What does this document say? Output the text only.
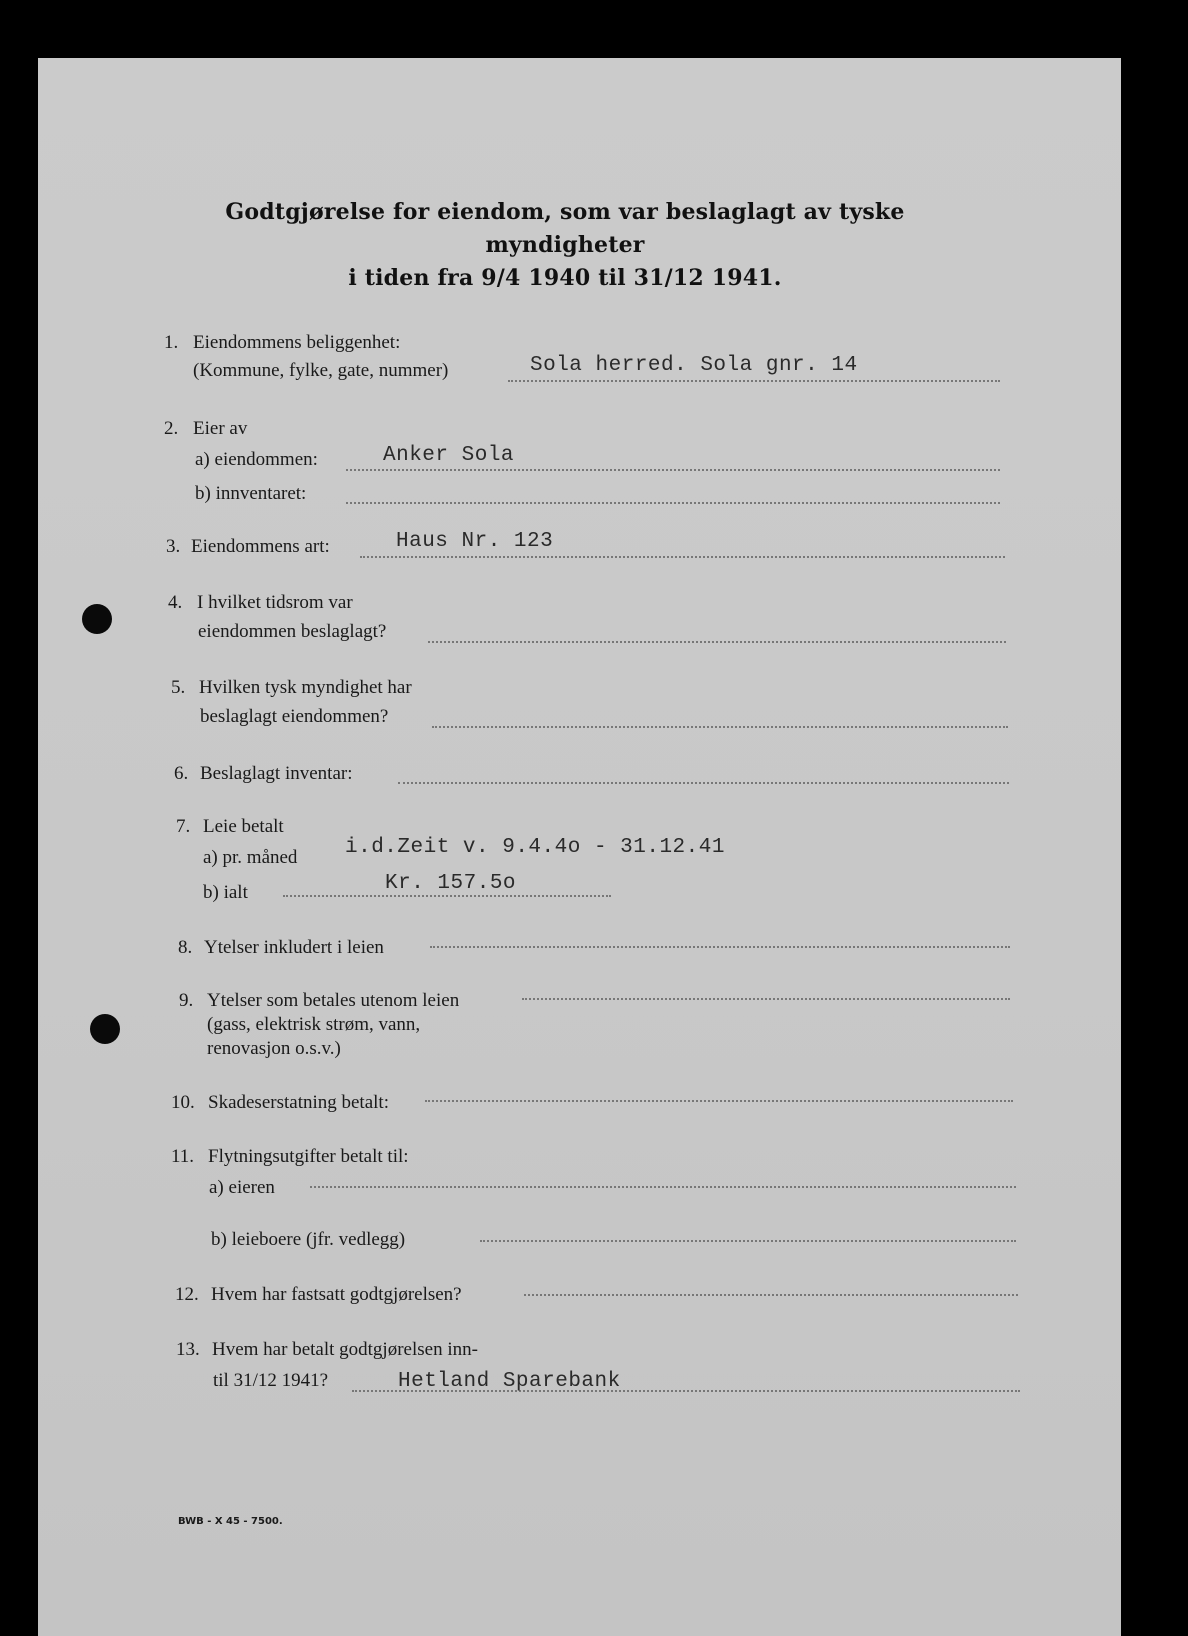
Godtgjørelse for eiendom, som var beslaglagt av tyske myndigheter
i tiden fra 9/4 1940 til 31/12 1941.
1. Eiendommens beliggenhet:
(Kommune, fylke, gate, nummer)	Sola herred. Sola gnr. 14
2. Eier av
a) eiendommen:	Anker Sola
b) innventaret:
3. Eiendommens art:	Haus Nr. 123
4. I hvilket tidsrom var
eiendommen beslaglagt?
5. Hvilken tysk myndighet har
beslaglagt eiendommen?
6. Beslaglagt inventar:
7. Leie betalt
a) pr. måned i.d.Zeit v. 9.4.4o - 31.12.41
b) ialt	Kr. 157.5o
8. Ytelser inkludert i leien
9. Ytelser som betales utenom leien
(gass, elektrisk strøm, vann,
renovasjon o.s.v.)
10. Skadeserstatning betalt:
11. Flytningsutgifter betalt til:
a) eieren
b) leieboere (jfr. vedlegg)
12. Hvem har fastsatt godtgjørelsen?
13. Hvem har betalt godtgjørelsen inn-
til 31/12 1941?	Hetland Sparebank
BWB - X 45 - 7500.
